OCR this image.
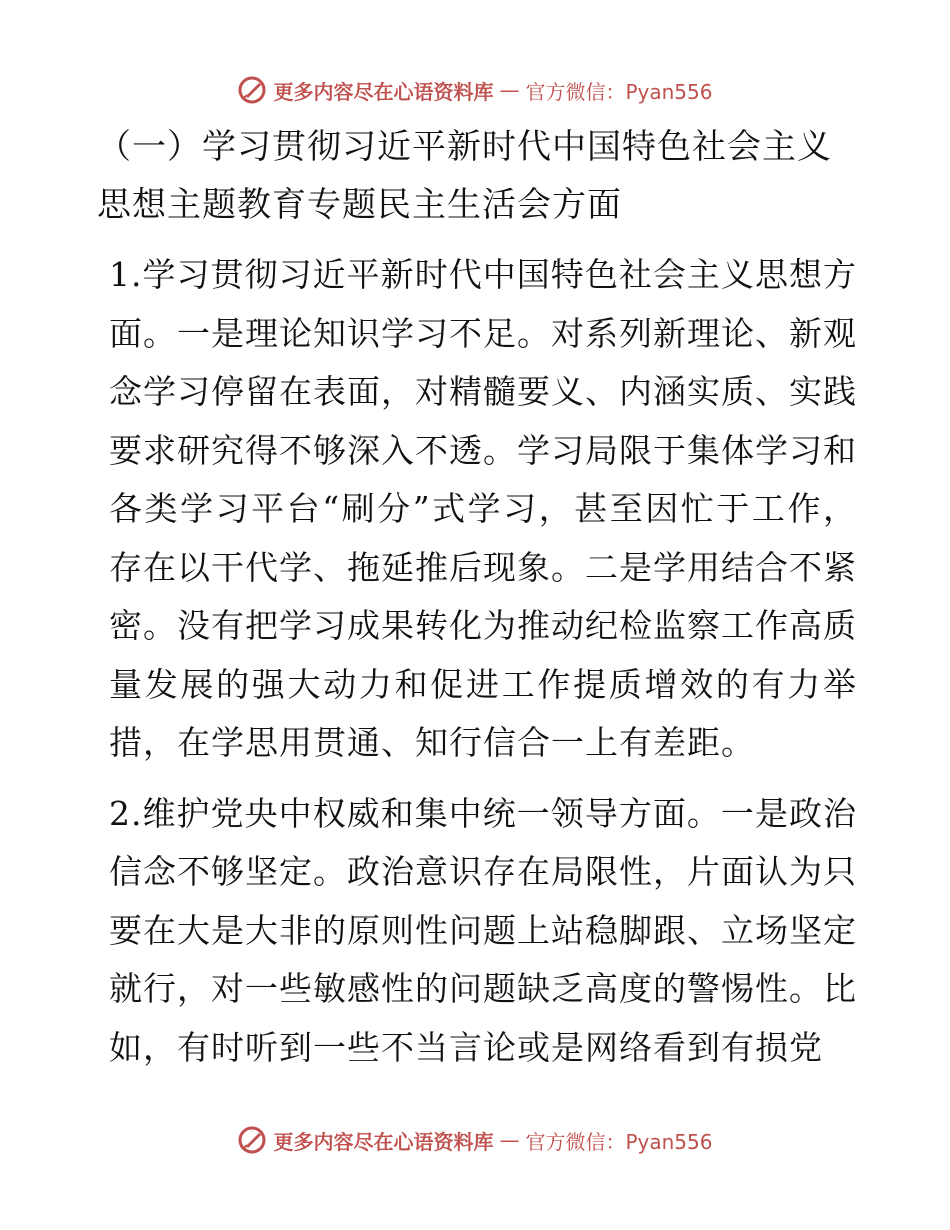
更多内容尽在心语资料库 — 官方微信：Pyan556
（一）学习贯彻习近平新时代中国特色社会主义思想主题教育专题民主生活会方面
1.学习贯彻习近平新时代中国特色社会主义思想方面。一是理论知识学习不足。对系列新理论、新观念学习停留在表面，对精髓要义、内涵实质、实践要求研究得不够深入不透。学习局限于集体学习和各类学习平台“刷分”式学习，甚至因忙于工作，存在以干代学、拖延推后现象。二是学用结合不紧密。没有把学习成果转化为推动纪检监察工作高质量发展的强大动力和促进工作提质增效的有力举措，在学思用贯通、知行信合一上有差距。
2.维护党央中权威和集中统一领导方面。一是政治信念不够坚定。政治意识存在局限性，片面认为只要在大是大非的原则性问题上站稳脚跟、立场坚定就行，对一些敏感性的问题缺乏高度的警惕性。比如，有时听到一些不当言论或是网络看到有损党
更多内容尽在心语资料库 — 官方微信：Pyan556
